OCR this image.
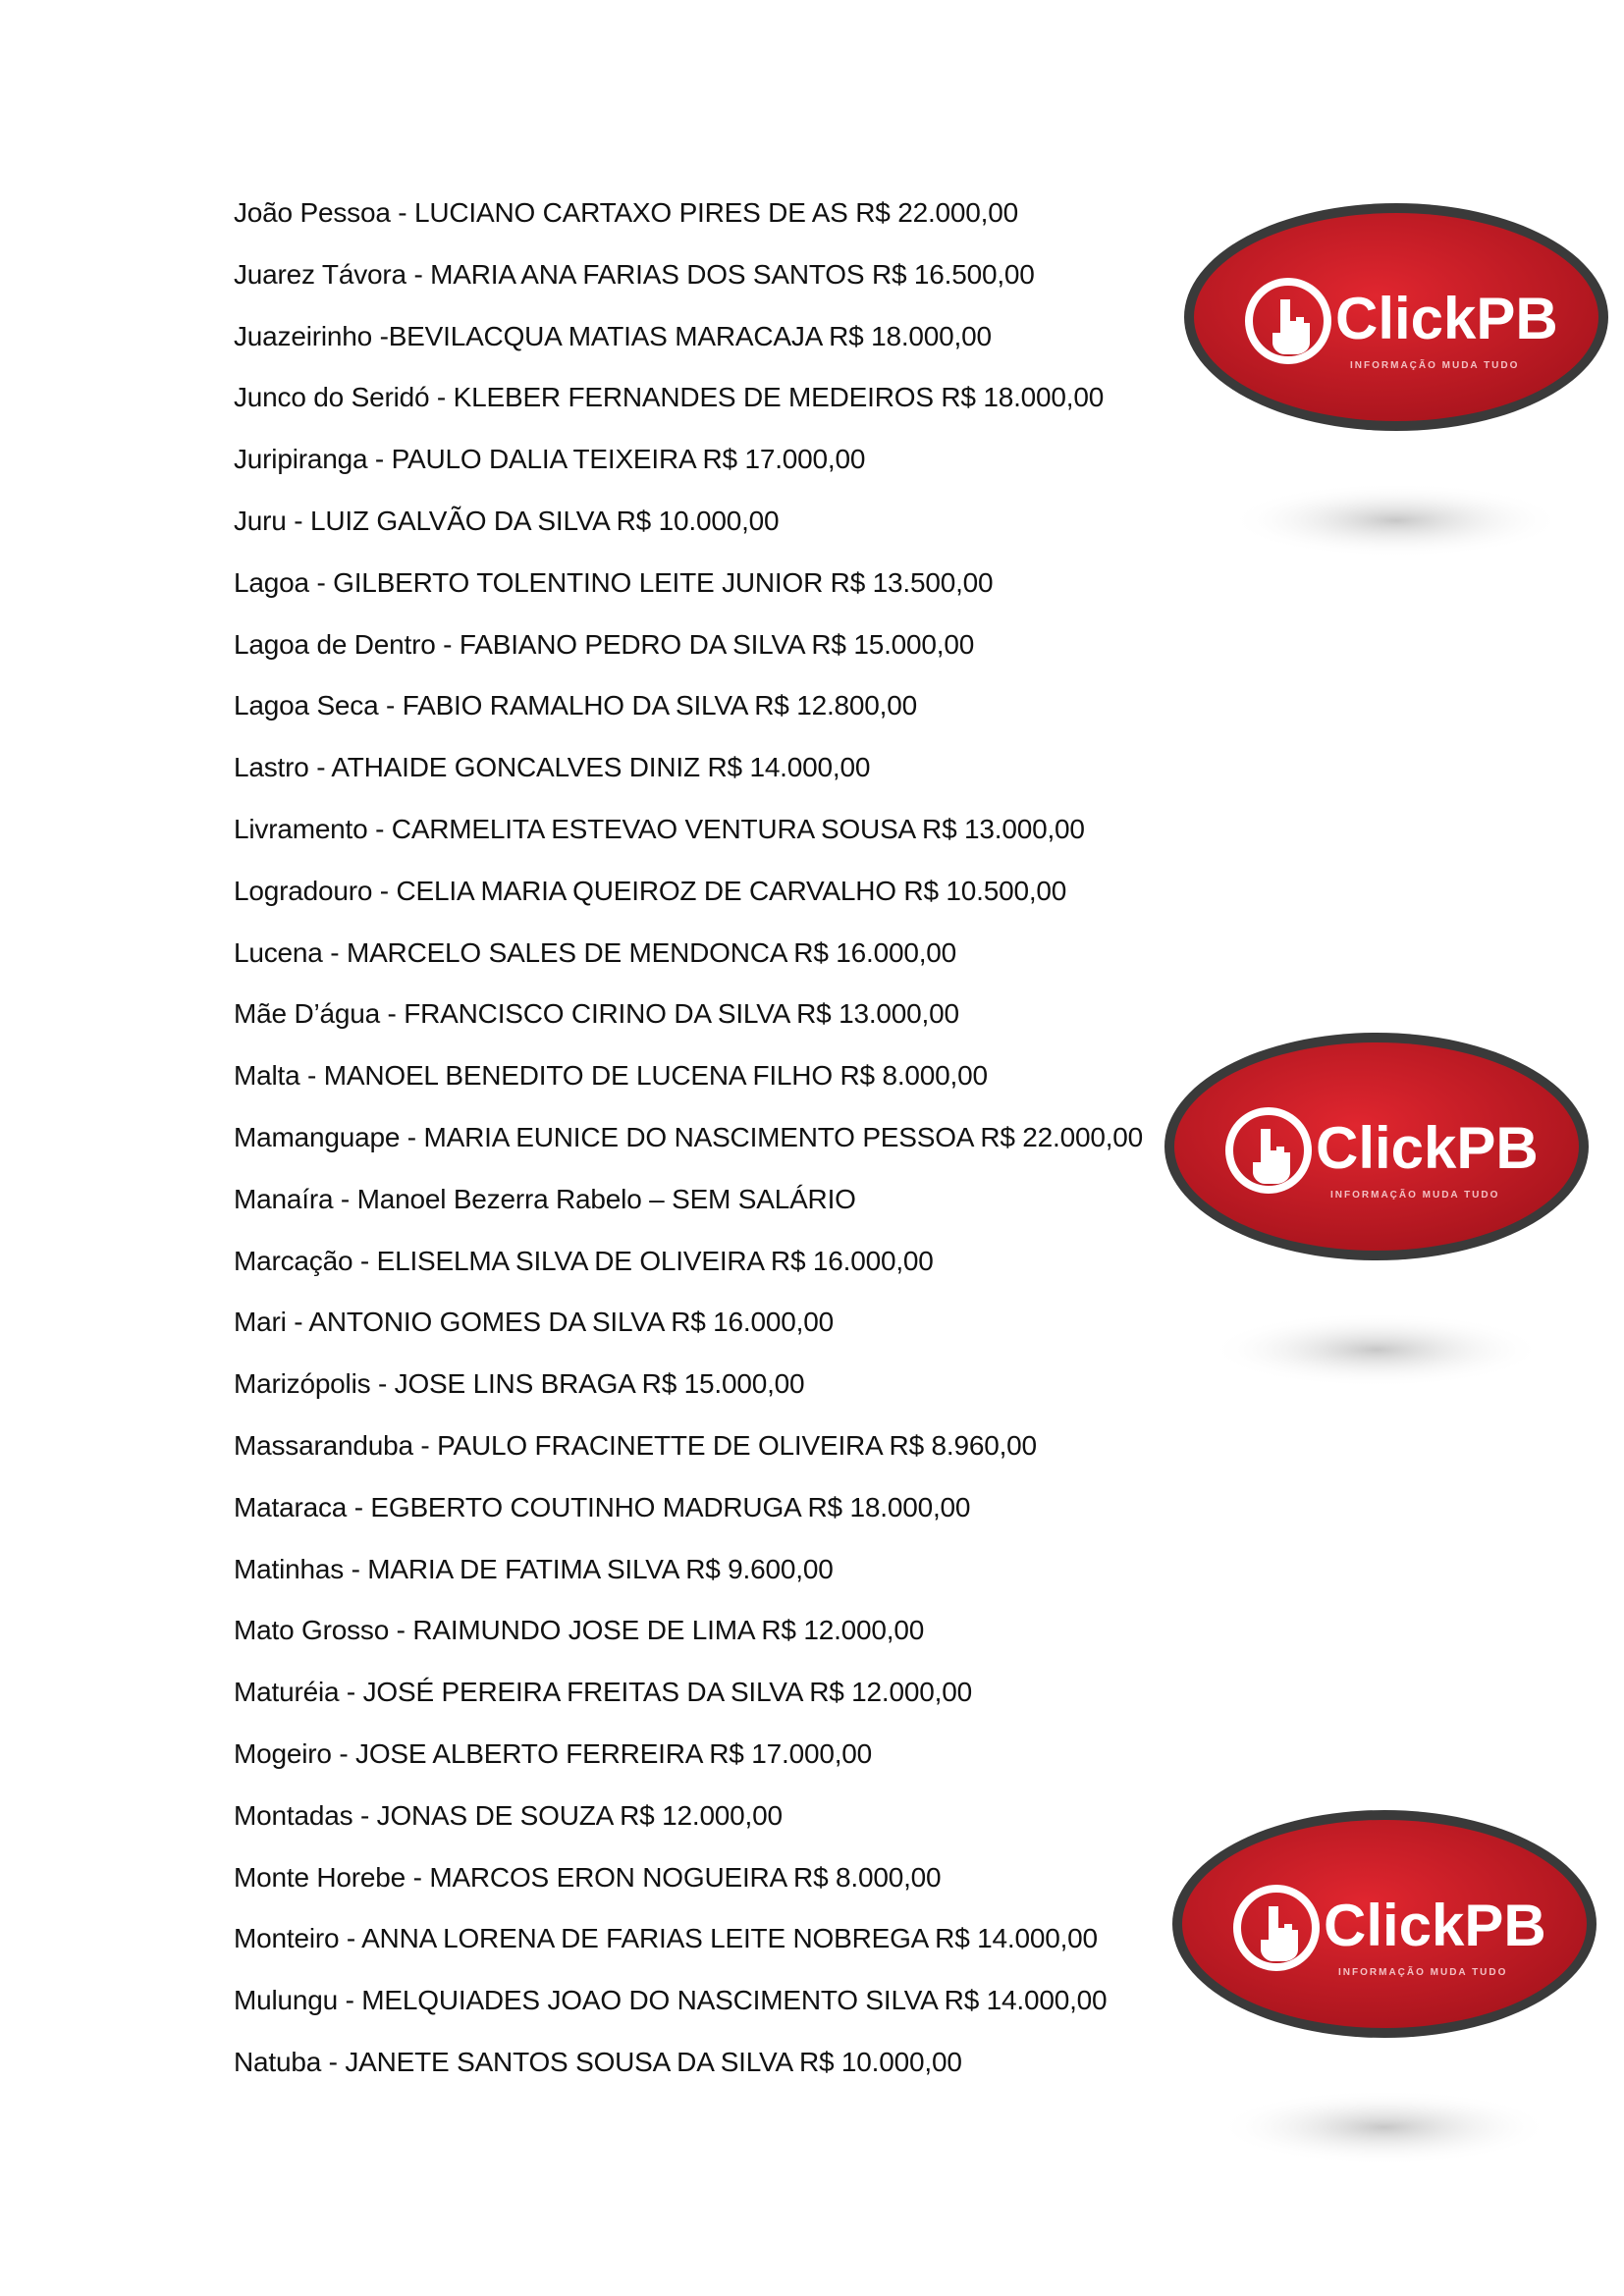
João Pessoa - LUCIANO CARTAXO PIRES DE AS R$ 22.000,00
Juarez Távora - MARIA ANA FARIAS DOS SANTOS R$ 16.500,00
Juazeirinho -BEVILACQUA MATIAS MARACAJA R$ 18.000,00
Junco do Seridó - KLEBER FERNANDES DE MEDEIROS R$ 18.000,00
Juripiranga - PAULO DALIA TEIXEIRA R$ 17.000,00
Juru - LUIZ GALVÃO DA SILVA R$ 10.000,00
Lagoa - GILBERTO TOLENTINO LEITE JUNIOR R$ 13.500,00
Lagoa de Dentro - FABIANO PEDRO DA SILVA R$ 15.000,00
Lagoa Seca - FABIO RAMALHO DA SILVA R$ 12.800,00
Lastro - ATHAIDE GONCALVES DINIZ R$ 14.000,00
Livramento - CARMELITA ESTEVAO VENTURA SOUSA R$ 13.000,00
Logradouro - CELIA MARIA QUEIROZ DE CARVALHO R$ 10.500,00
Lucena - MARCELO SALES DE MENDONCA R$ 16.000,00
Mãe D’água - FRANCISCO CIRINO DA SILVA R$ 13.000,00
Malta - MANOEL BENEDITO DE LUCENA FILHO R$ 8.000,00
Mamanguape - MARIA EUNICE DO NASCIMENTO PESSOA R$ 22.000,00
Manaíra - Manoel Bezerra Rabelo – SEM SALÁRIO
Marcação - ELISELMA SILVA DE OLIVEIRA R$ 16.000,00
Mari - ANTONIO GOMES DA SILVA R$ 16.000,00
Marizópolis - JOSE LINS BRAGA R$ 15.000,00
Massaranduba - PAULO FRACINETTE DE OLIVEIRA R$ 8.960,00
Mataraca - EGBERTO COUTINHO MADRUGA R$ 18.000,00
Matinhas - MARIA DE FATIMA SILVA R$ 9.600,00
Mato Grosso - RAIMUNDO JOSE DE LIMA R$ 12.000,00
Maturéia - JOSÉ PEREIRA FREITAS DA SILVA R$ 12.000,00
Mogeiro - JOSE ALBERTO FERREIRA R$ 17.000,00
Montadas - JONAS DE SOUZA R$ 12.000,00
Monte Horebe - MARCOS ERON NOGUEIRA R$ 8.000,00
Monteiro - ANNA LORENA DE FARIAS LEITE NOBREGA R$ 14.000,00
Mulungu - MELQUIADES JOAO DO NASCIMENTO SILVA R$ 14.000,00
Natuba - JANETE SANTOS SOUSA DA SILVA R$ 10.000,00
ClickPB
INFORMAÇÃO MUDA TUDO
ClickPB
INFORMAÇÃO MUDA TUDO
ClickPB
INFORMAÇÃO MUDA TUDO
